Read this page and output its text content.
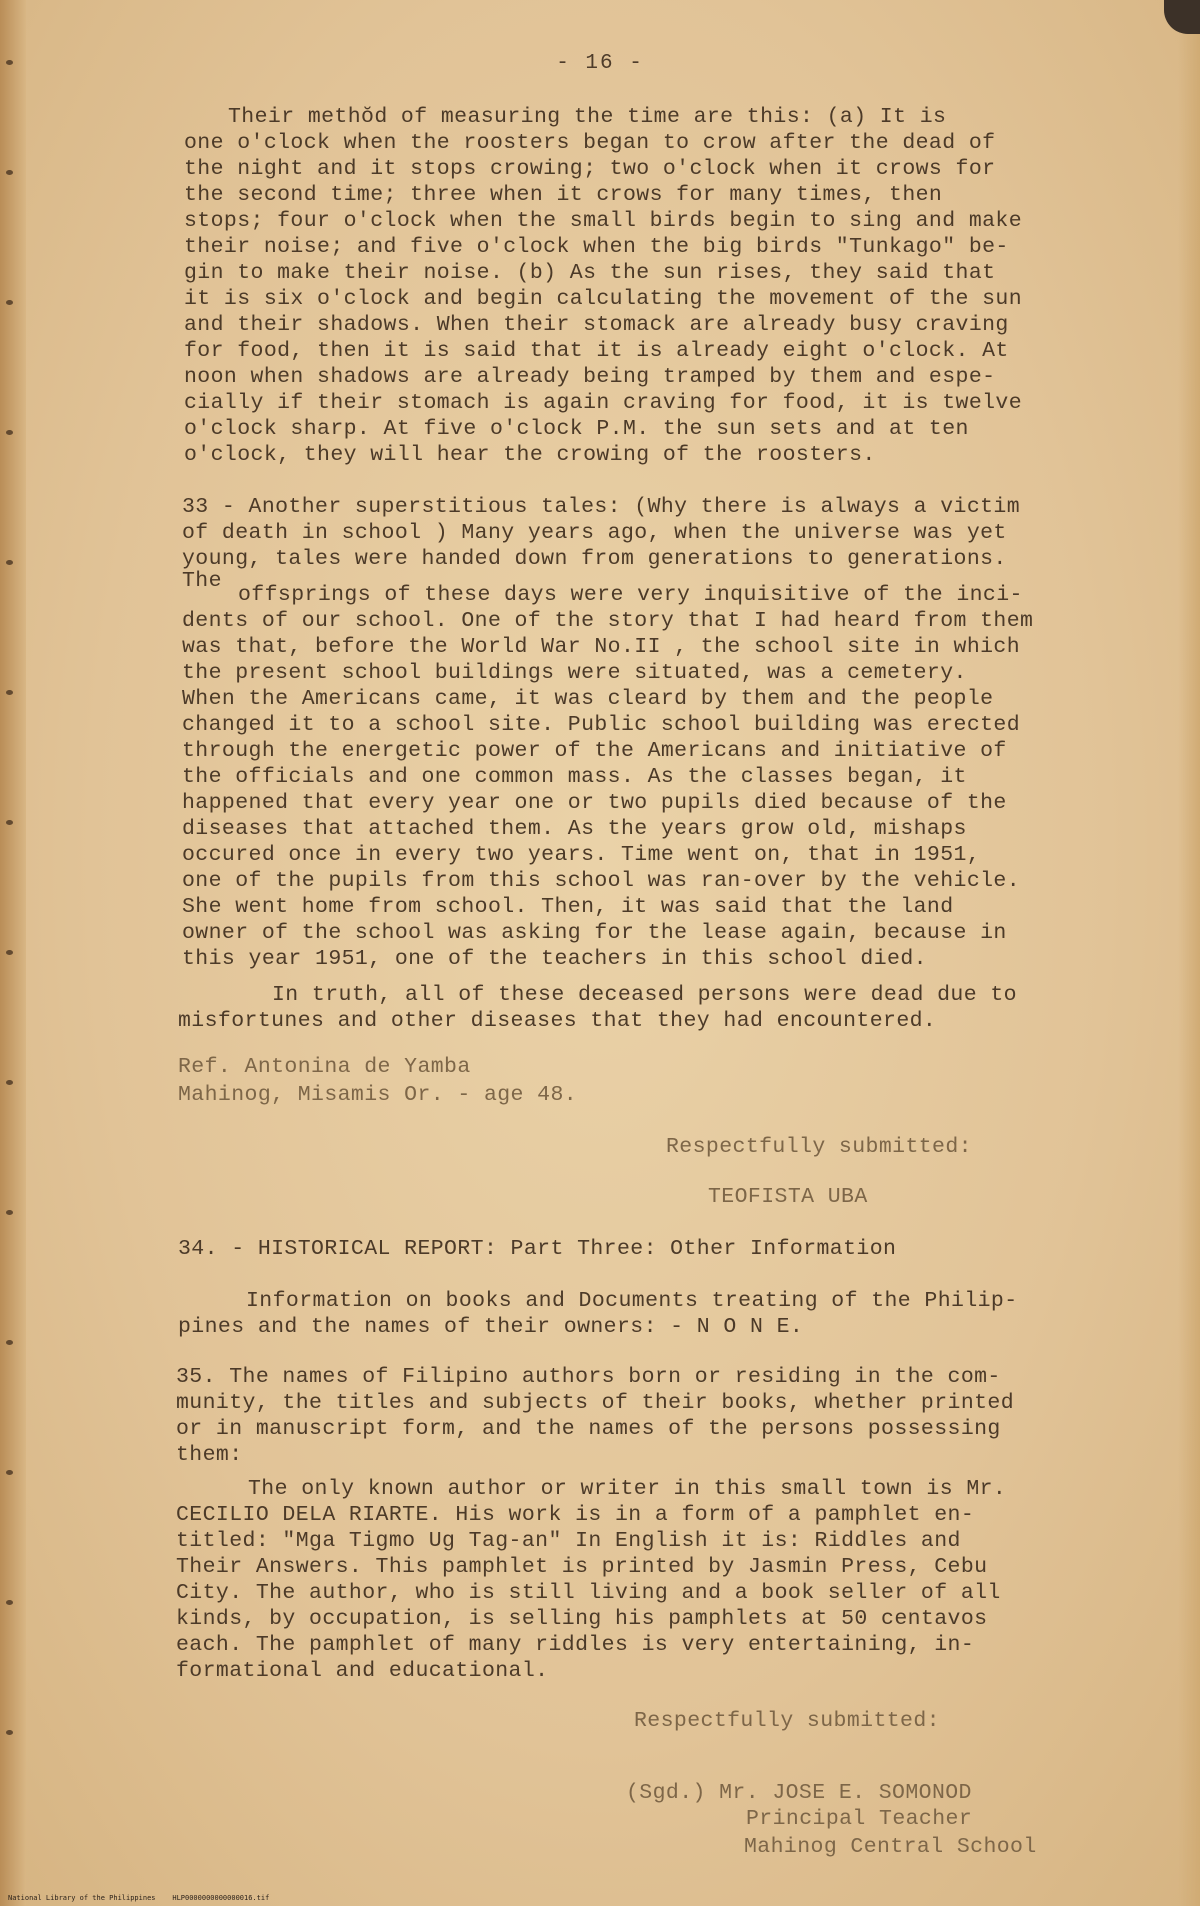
- 16 -
Their methŏd of measuring the time are this: (a) It is
one o'clock when the roosters began to crow after the dead of
the night and it stops crowing; two o'clock when it crows for
the second time; three when it crows for many times, then
stops; four o'clock when the small birds begin to sing and make
their noise; and five o'clock when the big birds "Tunkago" be-
gin to make their noise. (b) As the sun rises, they said that
it is six o'clock and begin calculating the movement of the sun
and their shadows. When their stomack are already busy craving
for food, then it is said that it is already eight o'clock. At
noon when shadows are already being tramped by them and espe-
cially if their stomach is again craving for food, it is twelve
o'clock sharp. At five o'clock P.M. the sun sets and at ten
o'clock, they will hear the crowing of the roosters.
33 - Another superstitious tales: (Why there is always a victim
of death in school ) Many years ago, when the universe was yet
young, tales were handed down from generations to generations.
The
offsprings of these days were very inquisitive of the inci-
dents of our school. One of the story that I had heard from them
was that, before the World War No.II , the school site in which
the present school buildings were situated, was a cemetery.
When the Americans came, it was cleard by them and the people
changed it to a school site. Public school building was erected
through the energetic power of the Americans and initiative of
the officials and one common mass. As the classes began, it
happened that every year one or two pupils died because of the
diseases that attached them. As the years grow old, mishaps
occured once in every two years. Time went on, that in 1951,
one of the pupils from this school was ran-over by the vehicle.
She went home from school. Then, it was said that the land
owner of the school was asking for the lease again, because in
this year 1951, one of the teachers in this school died.
In truth, all of these deceased persons were dead due to
misfortunes and other diseases that they had encountered.
Ref. Antonina de Yamba
Mahinog, Misamis Or. - age 48.
Respectfully submitted:
TEOFISTA UBA
34. - HISTORICAL REPORT: Part Three: Other Information
Information on books and Documents treating of the Philip-
pines and the names of their owners: - N O N E.
35. The names of Filipino authors born or residing in the com-
munity, the titles and subjects of their books, whether printed
or in manuscript form, and the names of the persons possessing
them:
The only known author or writer in this small town is Mr.
CECILIO DELA RIARTE. His work is in a form of a pamphlet en-
titled: "Mga Tigmo Ug Tag-an" In English it is: Riddles and
Their Answers. This pamphlet is printed by Jasmin Press, Cebu
City. The author, who is still living and a book seller of all
kinds, by occupation, is selling his pamphlets at 50 centavos
each. The pamphlet of many riddles is very entertaining, in-
formational and educational.
Respectfully submitted:
(Sgd.) Mr. JOSE E. SOMONOD
Principal Teacher
Mahinog Central School
National Library of the Philippines    HLP0000000000000016.tif
